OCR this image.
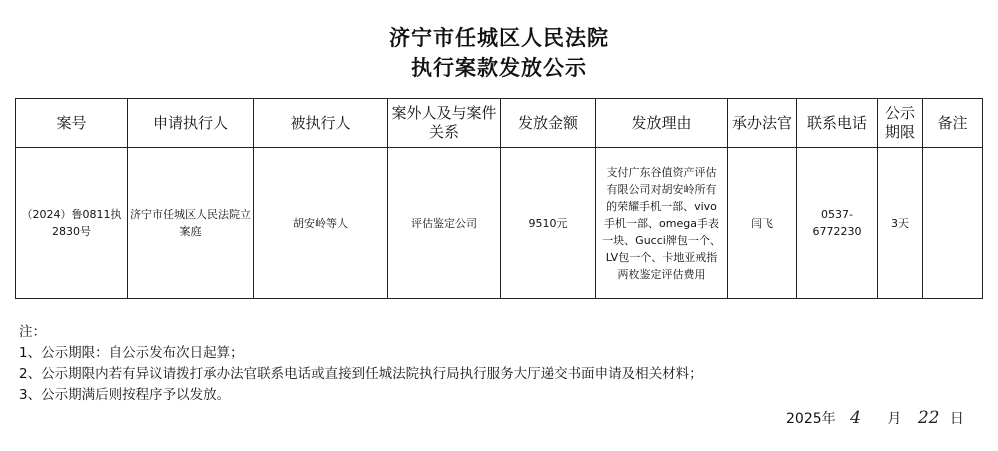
济宁市任城区人民法院
执行案款发放公示
案号	申请执行人	被执行人	案外人及与案件关系	发放金额	发放理由	承办法官	联系电话	公示期限	备注
（2024）鲁0811执2830号	济宁市任城区人民法院立案庭	胡安岭等人	评估鉴定公司	9510元	支付广东谷值资产评估有限公司对胡安岭所有的荣耀手机一部、vivo手机一部、omega手表一块、Gucci牌包一个、LV包一个、卡地亚戒指两枚鉴定评估费用	闫飞	0537-6772230	3天	
注：
1、公示期限：自公示发布次日起算；
2、公示期限内若有异议请拨打承办法官联系电话或直接到任城法院执行局执行服务大厅递交书面申请及相关材料；
3、公示期满后则按程序予以发放。
2025年 4 月 22 日
